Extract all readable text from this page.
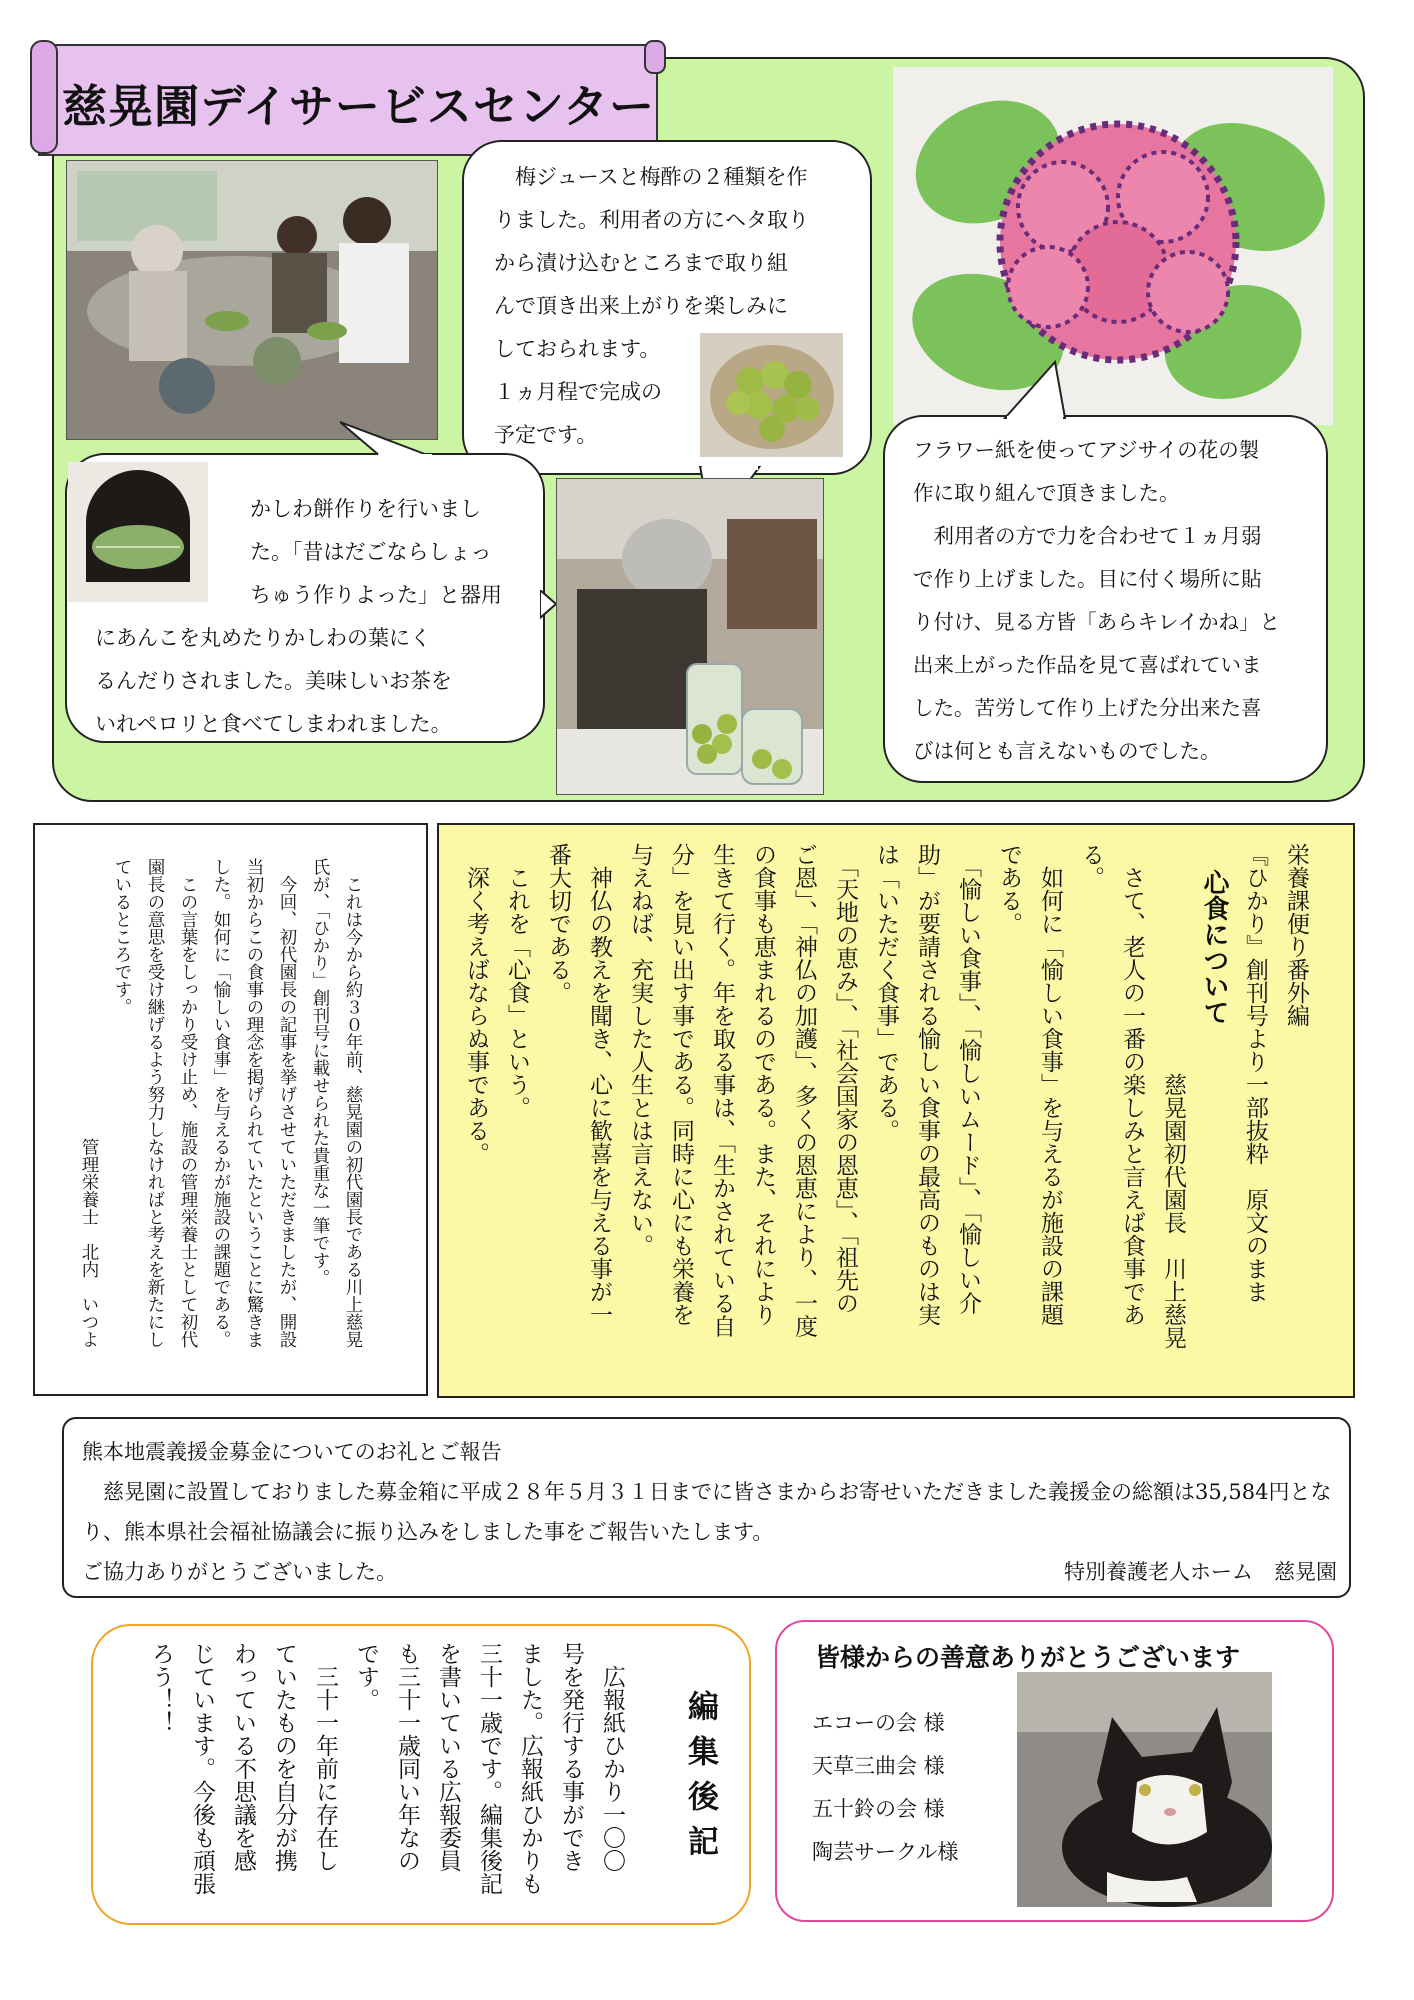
慈晃園デイサービスセンター

　梅ジュースと梅酢の２種類を作

りました。利用者の方にヘタ取り

から漬け込むところまで取り組

んで頂き出来上がりを楽しみに

しておられます。

１ヵ月程で完成の

予定です。

フラワー紙を使ってアジサイの花の製

作に取り組んで頂きました。

　利用者の方で力を合わせて１ヵ月弱

で作り上げました。目に付く場所に貼

り付け、見る方皆「あらキレイかね」と

出来上がった作品を見て喜ばれていま

した。苦労して作り上げた分出来た喜

びは何とも言えないものでした。

かしわ餅作りを行いまし

た。「昔はだごならしょっ

ちゅう作りよった」と器用

にあんこを丸めたりかしわの葉にく

るんだりされました。美味しいお茶を

いれペロリと食べてしまわれました。

　これは今から約３０年前、慈晃園の初代園長である川上慈晃
氏が、「ひかり」創刊号に載せられた貴重な一筆です。
　今回、初代園長の記事を挙げさせていただきましたが、開設
当初からこの食事の理念を掲げられていたということに驚きま
した。如何に「愉しい食事」を与えるかが施設の課題である。
　この言葉をしっかり受け止め、施設の管理栄養士として初代
園長の意思を受け継げるよう努力しなければと考えを新たにし
ているところです。
　　　　　　　　　　　　　　　　管理栄養士　北内　いつよ	栄養課便り番外編
『ひかり』創刊号より一部抜粋　原文のまま
　心食について
　　　　　　　　　　慈晃園初代園長　川上慈晃
　さて、老人の一番の楽しみと言えば食事であ
る。
　如何に「愉しい食事」を与えるが施設の課題
である。
　「愉しい食事」、「愉しいムード」、「愉しい介
助」が要請される愉しい食事の最高のものは実
は「いただく食事」である。
　「天地の恵み」、「社会国家の恩恵」、「祖先の
ご恩」、「神仏の加護」、多くの恩恵により、一度
の食事も恵まれるのである。また、それにより
生きて行く。年を取る事は、「生かされている自
分」を見い出す事である。同時に心にも栄養を
与えねば、充実した人生とは言えない。
　神仏の教えを聞き、心に歓喜を与える事が一
番大切である。
　これを「心食」という。
　深く考えばならぬ事である。
熊本地震義援金募金についてのお礼とご報告
　慈晃園に設置しておりました募金箱に平成２８年５月３１日までに皆さまからお寄せいただきました義援金の総額は35,584円となり、熊本県社会福祉協議会に振り込みをしました事をご報告いたします。
ご協力ありがとうございました。	特別養護老人ホーム　慈晃園
編集後記
　広報紙ひかり一〇〇
号を発行する事ができ
ました。広報紙ひかりも
三十一歳です。編集後記
を書いている広報委員
も三十一歳同い年なの
です。
　三十一年前に存在し
ていたものを自分が携
わっている不思議を感
じています。今後も頑張
ろう！！	皆様からの善意ありがとうございます
エコーの会 様
天草三曲会 様
五十鈴の会 様
陶芸サークル様
